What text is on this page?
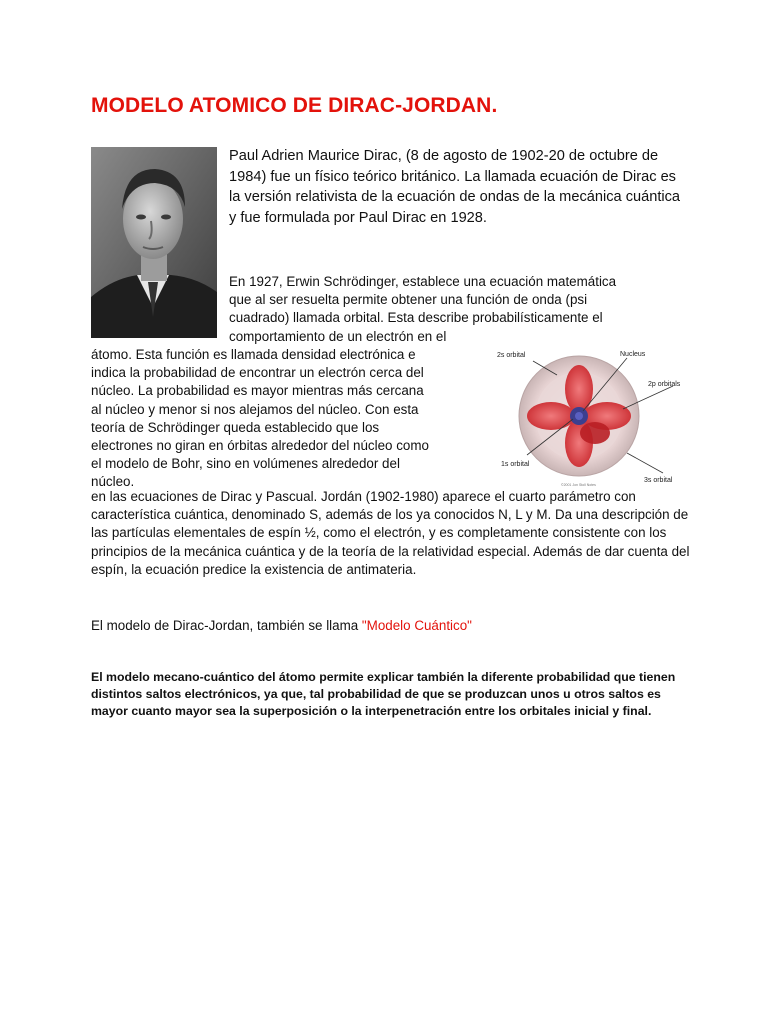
MODELO ATOMICO DE DIRAC-JORDAN.

Paul Adrien Maurice Dirac, (8 de agosto de 1902-20 de octubre de 1984) fue un físico teórico británico. La llamada ecuación de Dirac es la versión relativista de la ecuación de ondas de la mecánica cuántica y fue formulada por Paul Dirac en 1928.

En 1927, Erwin Schrödinger, establece una ecuación matemática
que al ser resuelta permite obtener una función de onda (psi
cuadrado) llamada orbital. Esta describe probabilísticamente el
comportamiento de un electrón en el

átomo. Esta función es llamada densidad electrónica e
indica la probabilidad de encontrar un electrón cerca del
núcleo. La probabilidad es mayor mientras más cercana
al núcleo y menor si nos alejamos del núcleo. Con esta
teoría de Schrödinger queda establecido que los
electrones no giran en órbitas alrededor del núcleo como
el modelo de Bohr, sino en volúmenes alrededor del
núcleo.

2s orbital	Nucleus
2p orbitals
1s orbital
3s orbital
©2001 Jon Stoll Notes

en las ecuaciones de Dirac y Pascual. Jordán (1902-1980) aparece el cuarto parámetro con característica cuántica, denominado S, además de los ya conocidos N, L y M. Da una descripción de las partículas elementales de espín ½, como el electrón, y es completamente consistente con los principios de la mecánica cuántica y de la teoría de la relatividad especial. Además de dar cuenta del espín, la ecuación predice la existencia de antimateria.

El modelo de Dirac-Jordan, también se llama "Modelo Cuántico"

El modelo mecano-cuántico del átomo permite explicar también la diferente probabilidad que tienen distintos saltos electrónicos, ya que, tal probabilidad de que se produzcan unos u otros saltos es mayor cuanto mayor sea la superposición o la interpenetración entre los orbitales inicial y final.
